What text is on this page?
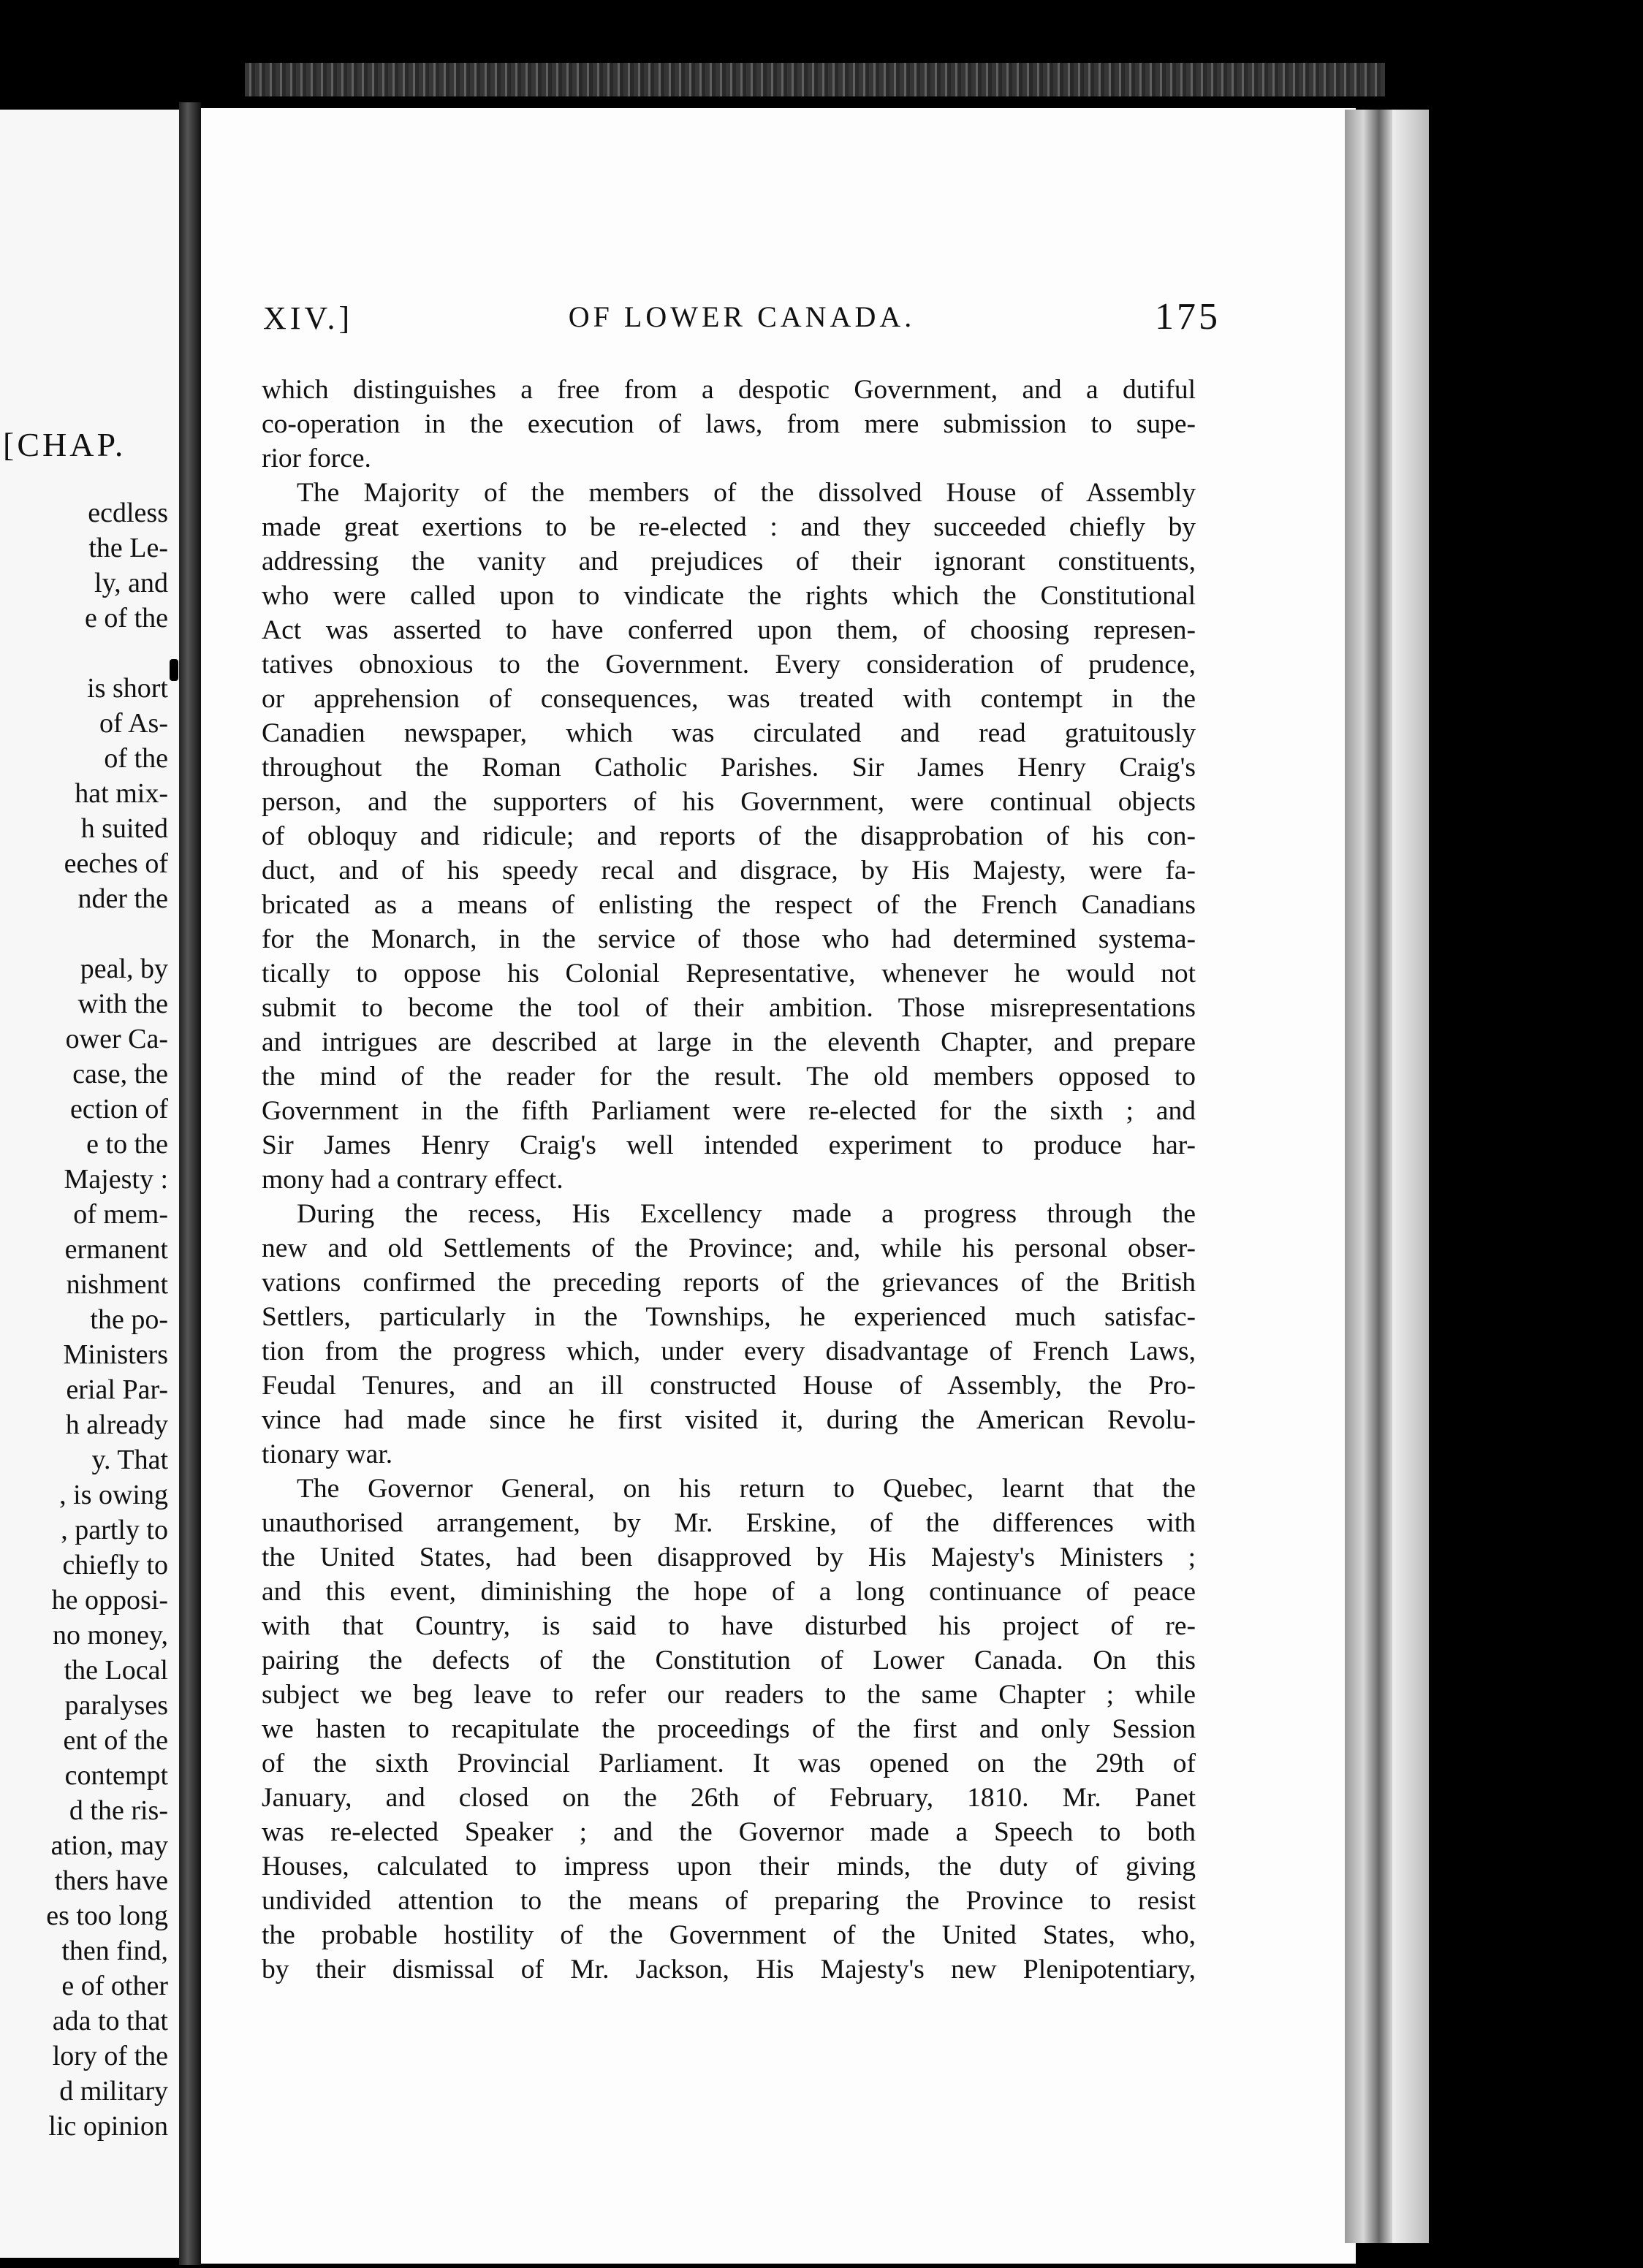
[CHAP.
ecdless
the Le-
ly, and
e of the

is short
of As-
of the
hat mix-
h suited
eeches of
nder the

peal, by
with the
ower Ca-
case, the
ection of
e to the
Majesty :
of mem-
ermanent
nishment
the po-
Ministers
erial Par-
h already
y. That
, is owing
, partly to
chiefly to
he opposi-
no money,
the Local
paralyses
ent of the
contempt
d the ris-
ation, may
thers have
es too long
then find,
e of other
ada to that
lory of the
d military
lic opinion
XIV.]	OF LOWER CANADA.	175
which distinguishes a free from a despotic Government, and a dutiful
co-operation in the execution of laws, from mere submission to supe-
rior force.
The Majority of the members of the dissolved House of Assembly
made great exertions to be re-elected : and they succeeded chiefly by
addressing the vanity and prejudices of their ignorant constituents,
who were called upon to vindicate the rights which the Constitutional
Act was asserted to have conferred upon them, of choosing represen-
tatives obnoxious to the Government. Every consideration of prudence,
or apprehension of consequences, was treated with contempt in the
Canadien newspaper, which was circulated and read gratuitously
throughout the Roman Catholic Parishes. Sir James Henry Craig's
person, and the supporters of his Government, were continual objects
of obloquy and ridicule; and reports of the disapprobation of his con-
duct, and of his speedy recal and disgrace, by His Majesty, were fa-
bricated as a means of enlisting the respect of the French Canadians
for the Monarch, in the service of those who had determined systema-
tically to oppose his Colonial Representative, whenever he would not
submit to become the tool of their ambition. Those misrepresentations
and intrigues are described at large in the eleventh Chapter, and prepare
the mind of the reader for the result. The old members opposed to
Government in the fifth Parliament were re-elected for the sixth ; and
Sir James Henry Craig's well intended experiment to produce har-
mony had a contrary effect.
During the recess, His Excellency made a progress through the
new and old Settlements of the Province; and, while his personal obser-
vations confirmed the preceding reports of the grievances of the British
Settlers, particularly in the Townships, he experienced much satisfac-
tion from the progress which, under every disadvantage of French Laws,
Feudal Tenures, and an ill constructed House of Assembly, the Pro-
vince had made since he first visited it, during the American Revolu-
tionary war.
The Governor General, on his return to Quebec, learnt that the
unauthorised arrangement, by Mr. Erskine, of the differences with
the United States, had been disapproved by His Majesty's Ministers ;
and this event, diminishing the hope of a long continuance of peace
with that Country, is said to have disturbed his project of re-
pairing the defects of the Constitution of Lower Canada. On this
subject we beg leave to refer our readers to the same Chapter ; while
we hasten to recapitulate the proceedings of the first and only Session
of the sixth Provincial Parliament. It was opened on the 29th of
January, and closed on the 26th of February, 1810. Mr. Panet
was re-elected Speaker ; and the Governor made a Speech to both
Houses, calculated to impress upon their minds, the duty of giving
undivided attention to the means of preparing the Province to resist
the probable hostility of the Government of the United States, who,
by their dismissal of Mr. Jackson, His Majesty's new Plenipotentiary,
